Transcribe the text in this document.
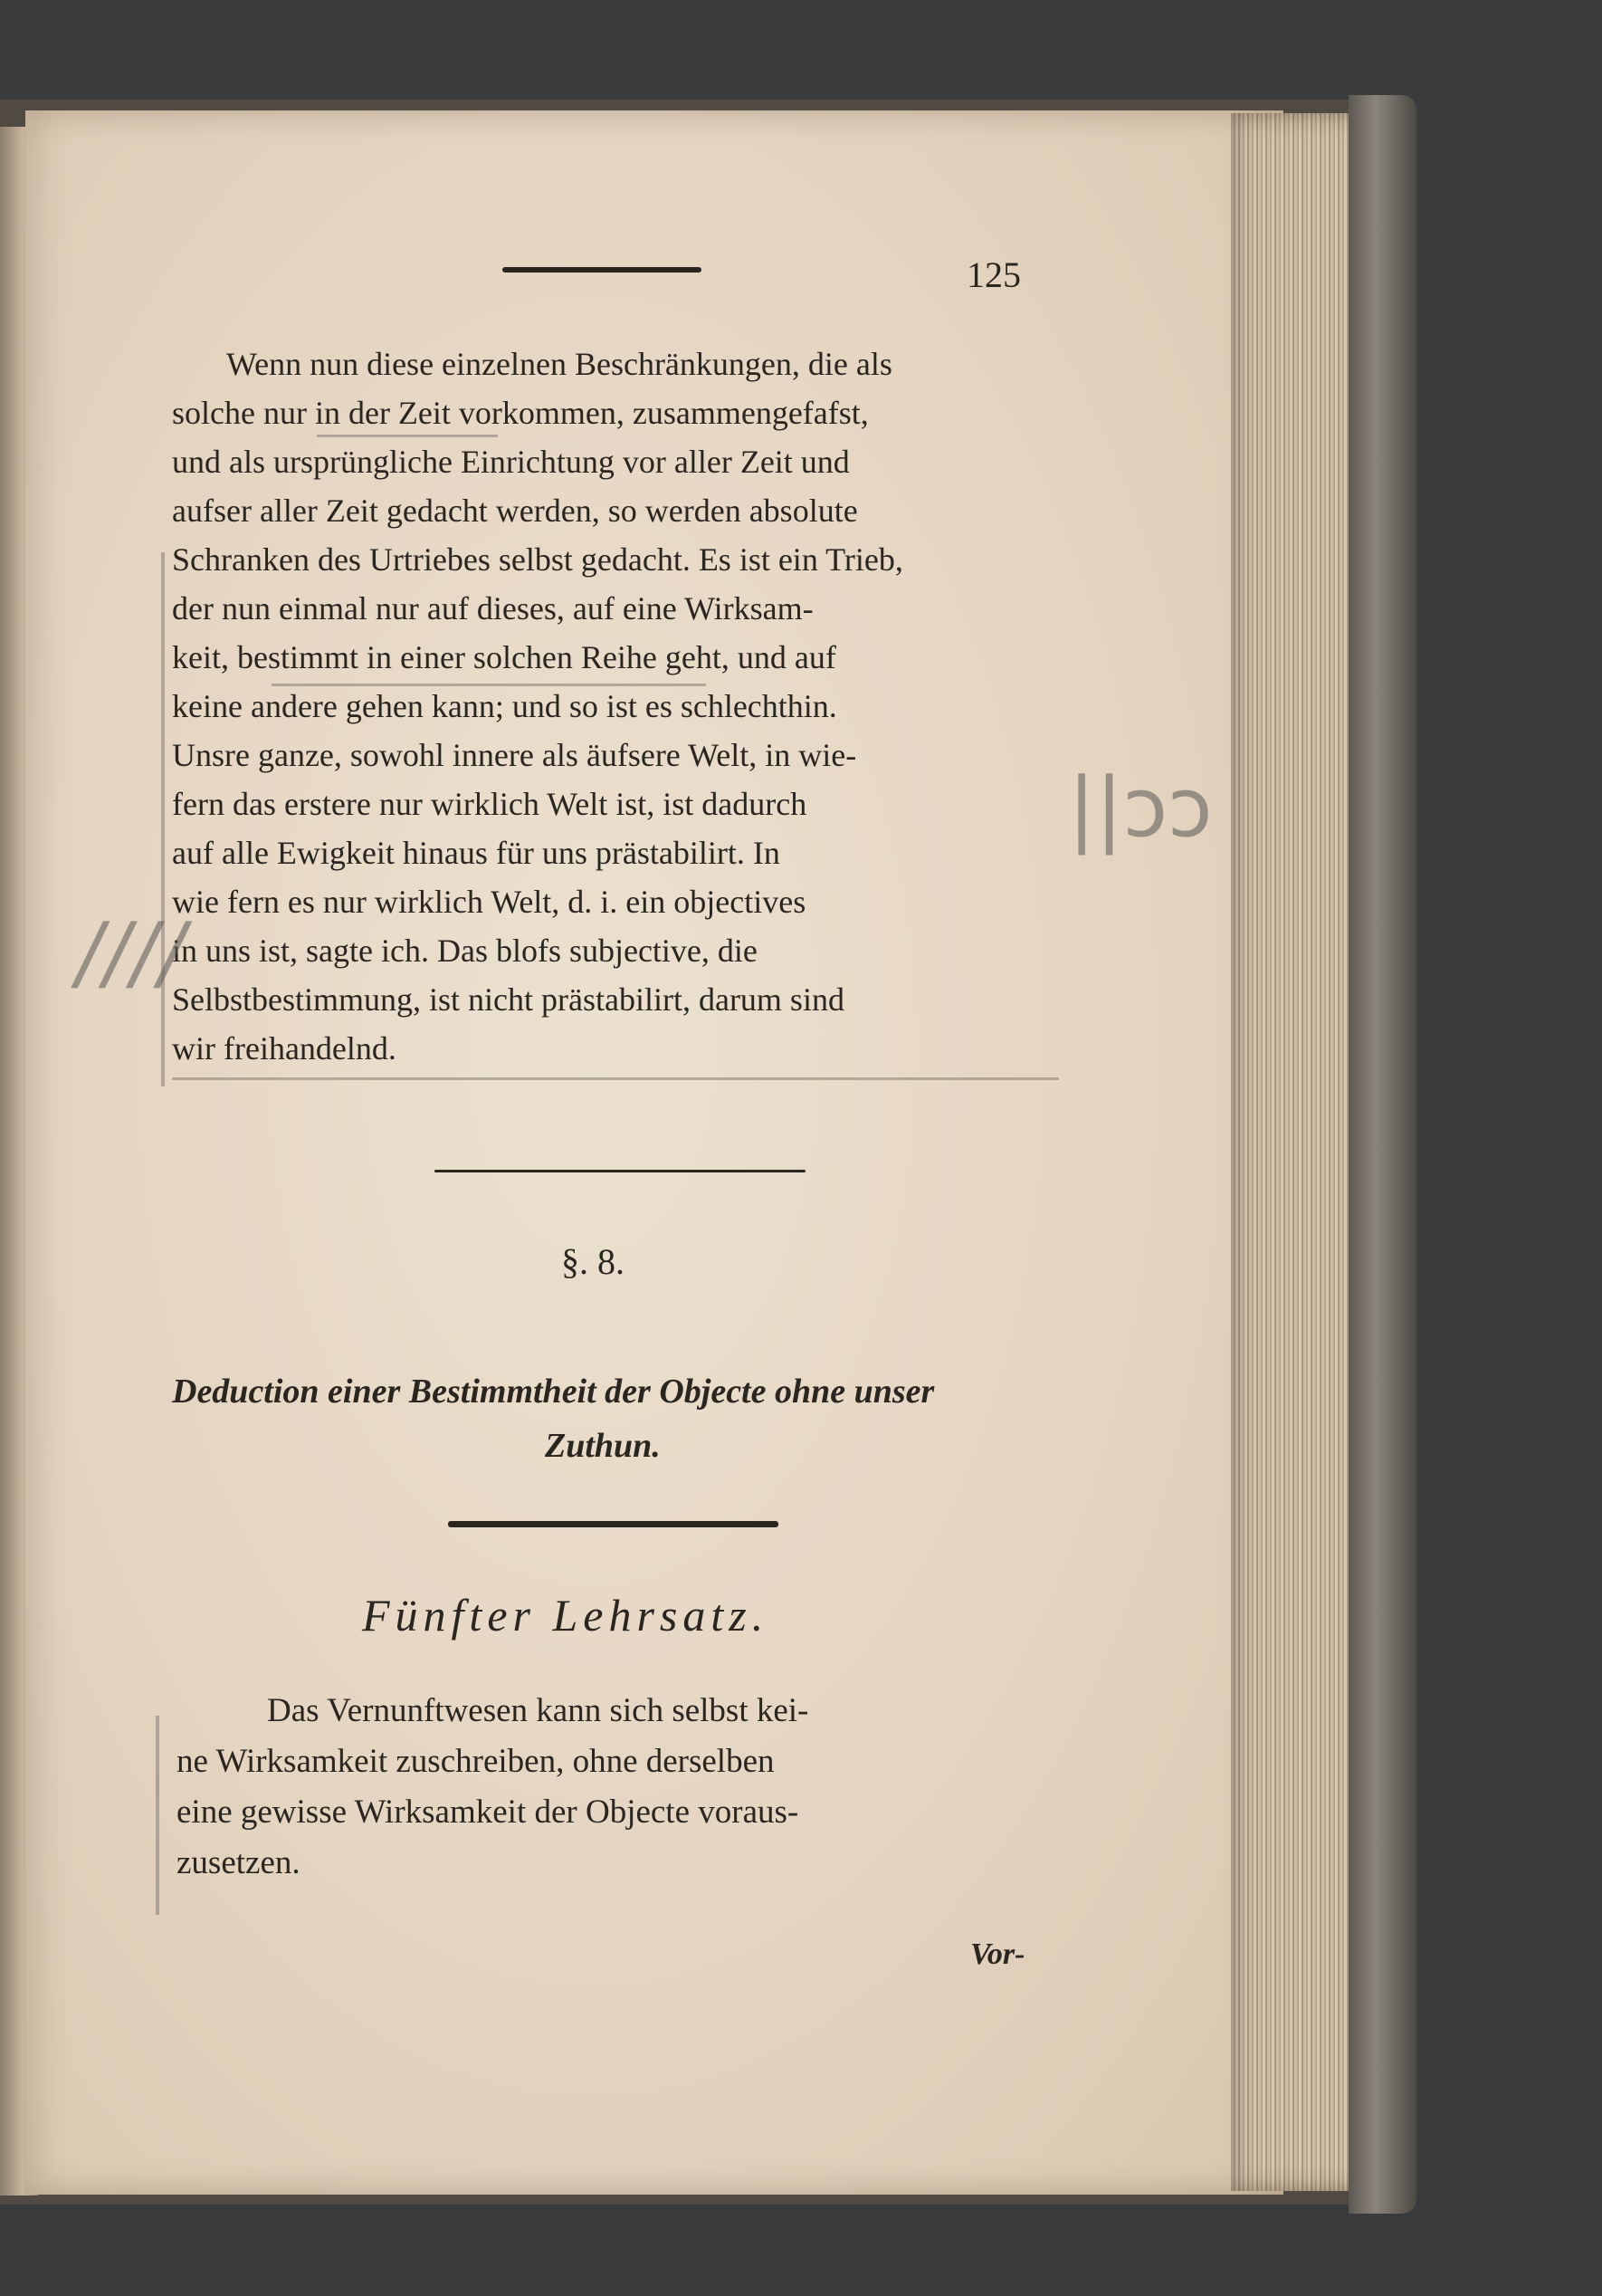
125
Wenn nun diese einzelnen Beschränkungen, die als
solche nur in der Zeit vorkommen, zusammengefafst,
und als ursprüngliche Einrichtung vor aller Zeit und
aufser aller Zeit gedacht werden, so werden absolute
Schranken des Urtriebes selbst gedacht. Es ist ein Trieb,
der nun einmal nur auf dieses, auf eine Wirksam-
keit, bestimmt in einer solchen Reihe geht, und auf
keine andere gehen kann; und so ist es schlechthin.
Unsre ganze, sowohl innere als äufsere Welt, in wie-
fern das erstere nur wirklich Welt ist, ist dadurch
auf alle Ewigkeit hinaus für uns prästabilirt. In
wie fern es nur wirklich Welt, d. i. ein objectives
in uns ist, sagte ich. Das blofs subjective, die
Selbstbestimmung, ist nicht prästabilirt, darum sind
wir freihandelnd.
////
||ↄↄ
§. 8.
Deduction einer Bestimmtheit der Objecte ohne unser
Zuthun.
Fünfter Lehrsatz.
Das Vernunftwesen kann sich selbst kei-
ne Wirksamkeit zuschreiben, ohne derselben
eine gewisse Wirksamkeit der Objecte voraus-
zusetzen.
Vor-
